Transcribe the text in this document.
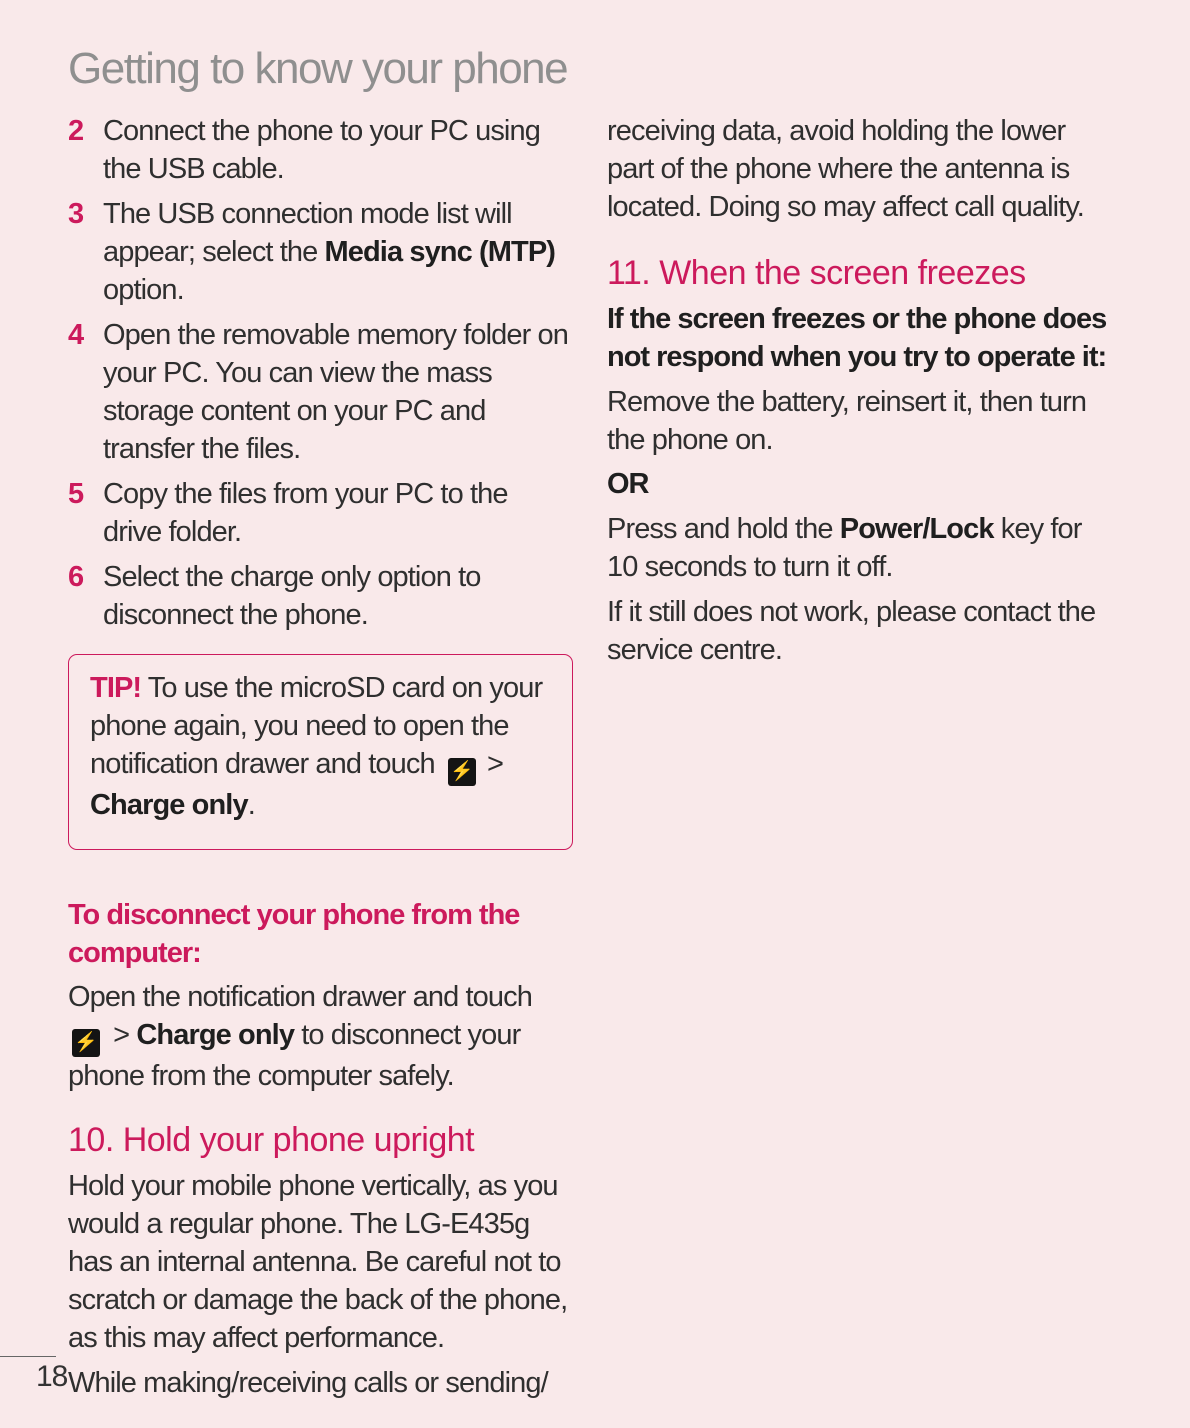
Getting to know your phone
2 Connect the phone to your PC using the USB cable.
3 The USB connection mode list will appear; select the Media sync (MTP) option.
4 Open the removable memory folder on your PC. You can view the mass storage content on your PC and transfer the files.
5 Copy the files from your PC to the drive folder.
6 Select the charge only option to disconnect the phone.
TIP! To use the microSD card on your phone again, you need to open the notification drawer and touch ⚡ >
Charge only.
To disconnect your phone from the computer:

Open the notification drawer and touch
⚡ > Charge only to disconnect your phone from the computer safely.

10. Hold your phone upright

Hold your mobile phone vertically, as you would a regular phone. The LG-E435g has an internal antenna. Be careful not to scratch or damage the back of the phone, as this may affect performance.

While making/receiving calls or sending/

receiving data, avoid holding the lower part of the phone where the antenna is located. Doing so may affect call quality.

11. When the screen freezes
If the screen freezes or the phone does not respond when you try to operate it:

Remove the battery, reinsert it, then turn the phone on.

OR

Press and hold the Power/Lock key for 10 seconds to turn it off.

If it still does not work, please contact the service centre.

18
